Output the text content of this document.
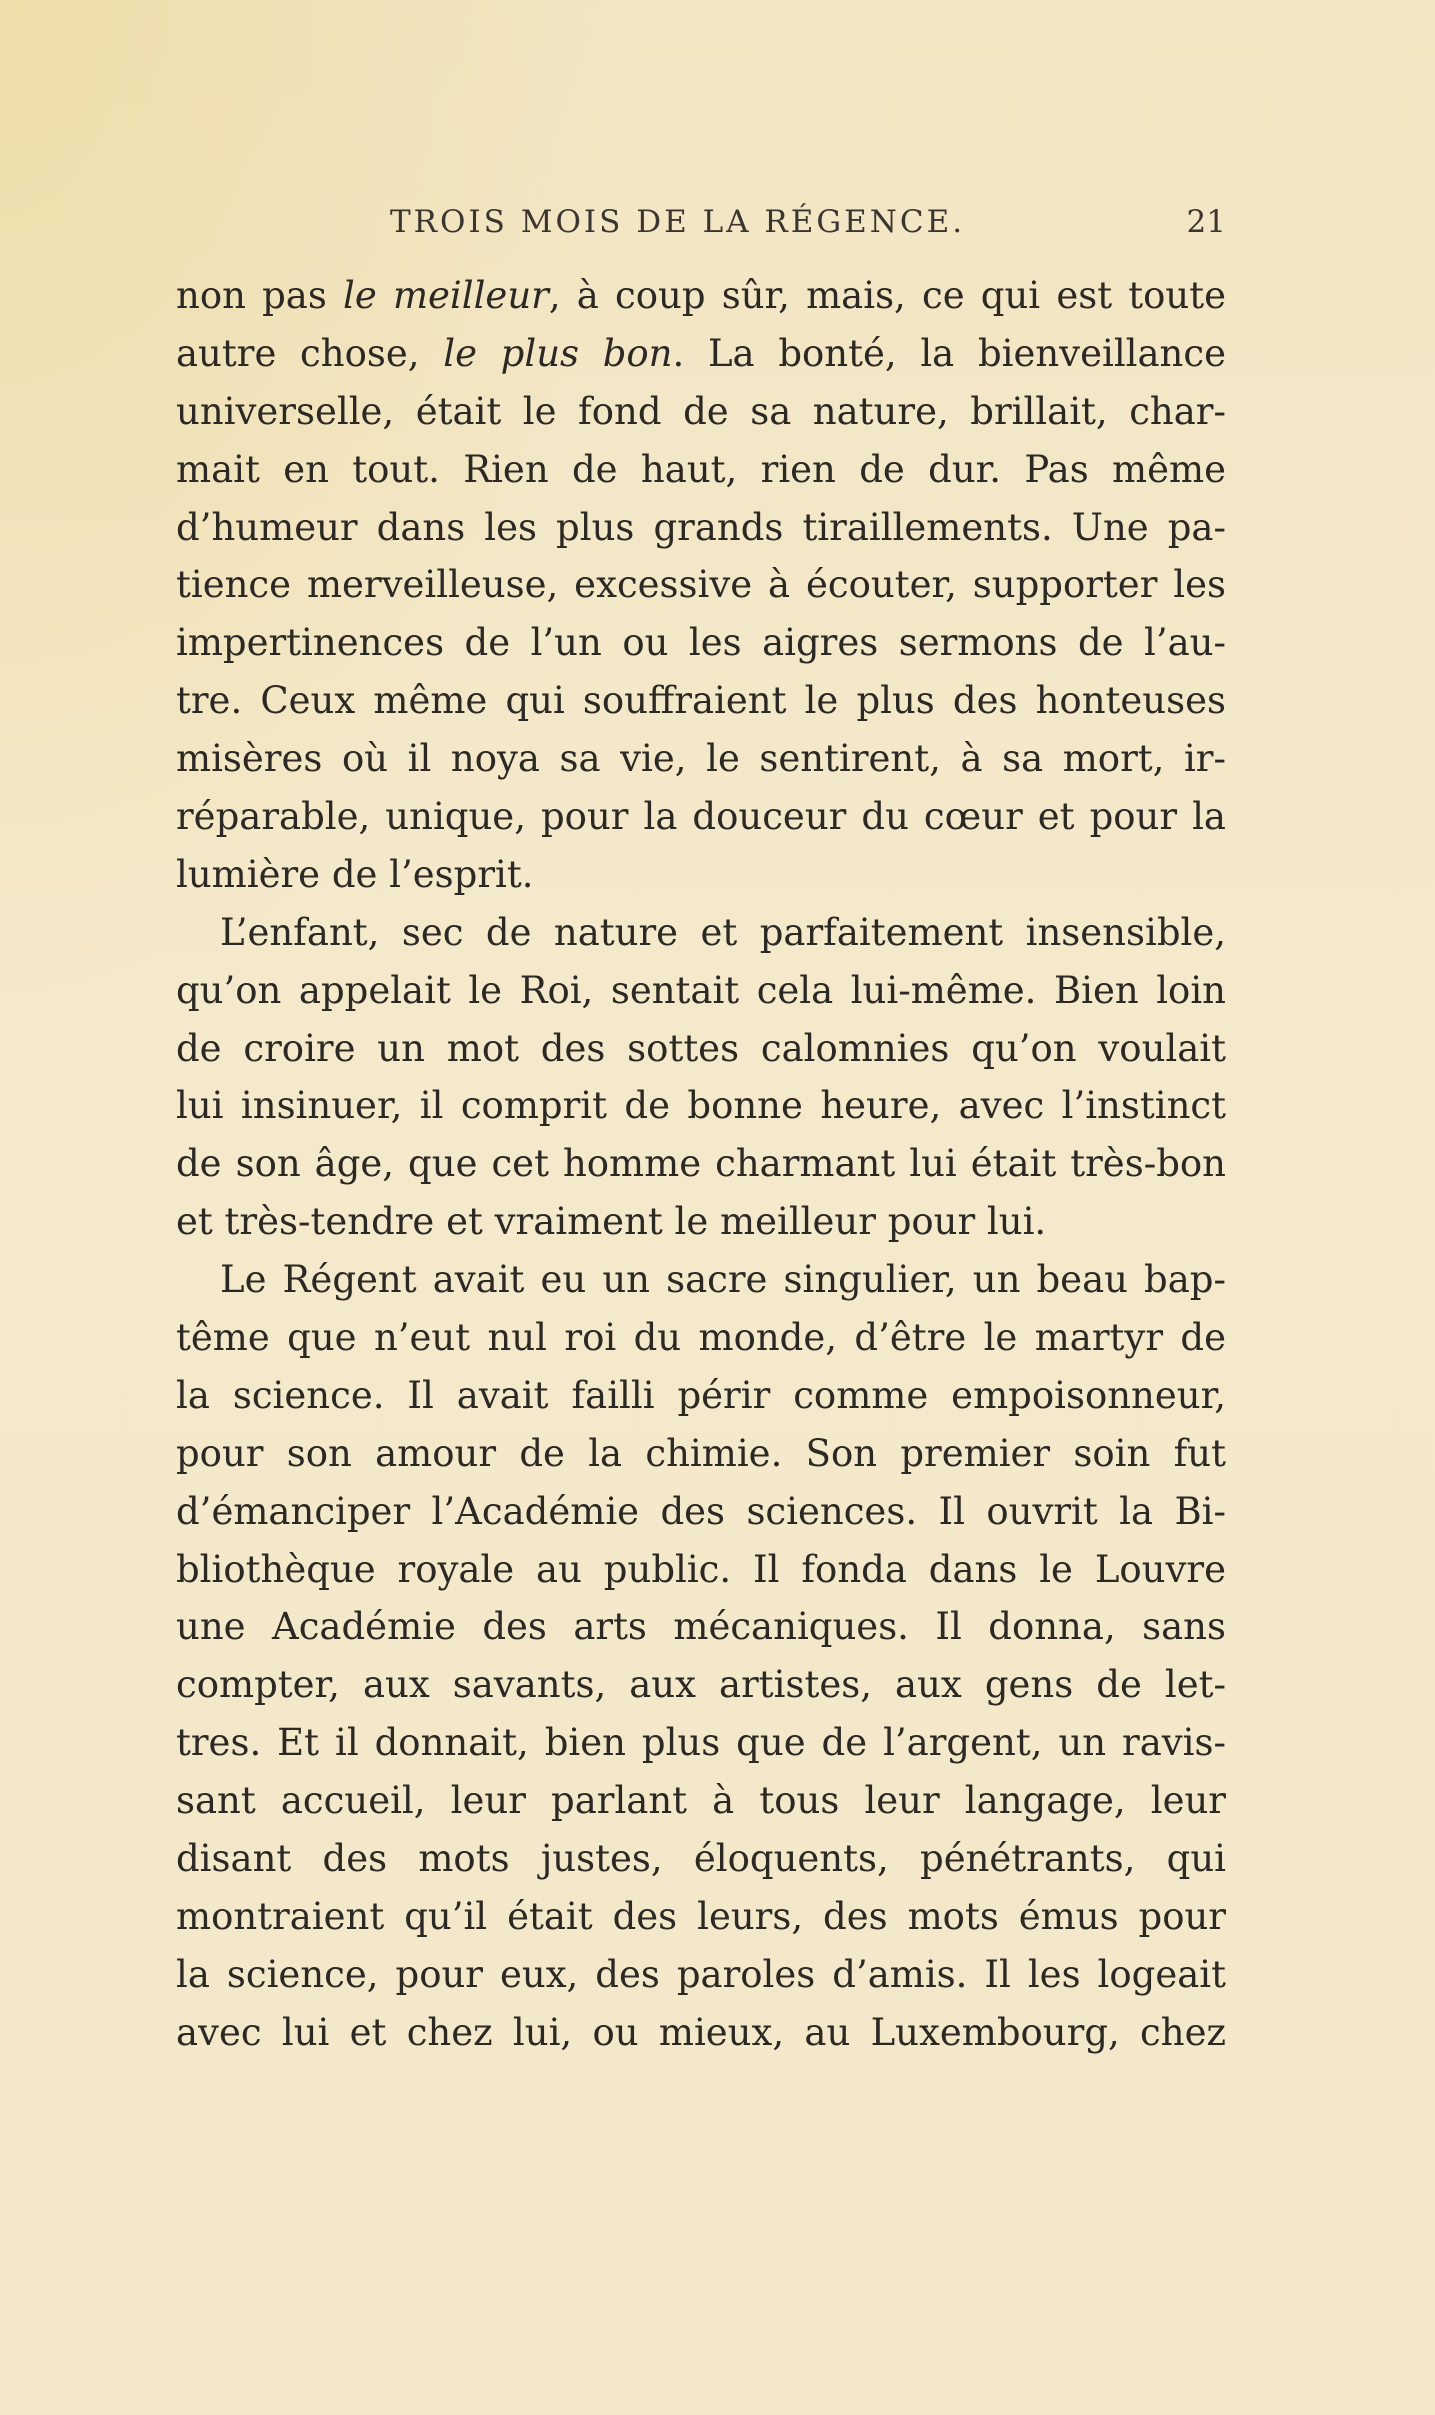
TROIS MOIS DE LA RÉGENCE.	21
non pas le meilleur, à coup sûr, mais, ce qui est toute
autre chose, le plus bon. La bonté, la bienveillance
universelle, était le fond de sa nature, brillait, char-
mait en tout. Rien de haut, rien de dur. Pas même
d’humeur dans les plus grands tiraillements. Une pa-
tience merveilleuse, excessive à écouter, supporter les
impertinences de l’un ou les aigres sermons de l’au-
tre. Ceux même qui souffraient le plus des honteuses
misères où il noya sa vie, le sentirent, à sa mort, ir-
réparable, unique, pour la douceur du cœur et pour la
lumière de l’esprit.
L’enfant, sec de nature et parfaitement insensible,
qu’on appelait le Roi, sentait cela lui-même. Bien loin
de croire un mot des sottes calomnies qu’on voulait
lui insinuer, il comprit de bonne heure, avec l’instinct
de son âge, que cet homme charmant lui était très-bon
et très-tendre et vraiment le meilleur pour lui.
Le Régent avait eu un sacre singulier, un beau bap-
tême que n’eut nul roi du monde, d’être le martyr de
la science. Il avait failli périr comme empoisonneur,
pour son amour de la chimie. Son premier soin fut
d’émanciper l’Académie des sciences. Il ouvrit la Bi-
bliothèque royale au public. Il fonda dans le Louvre
une Académie des arts mécaniques. Il donna, sans
compter, aux savants, aux artistes, aux gens de let-
tres. Et il donnait, bien plus que de l’argent, un ravis-
sant accueil, leur parlant à tous leur langage, leur
disant des mots justes, éloquents, pénétrants, qui
montraient qu’il était des leurs, des mots émus pour
la science, pour eux, des paroles d’amis. Il les logeait
avec lui et chez lui, ou mieux, au Luxembourg, chez
